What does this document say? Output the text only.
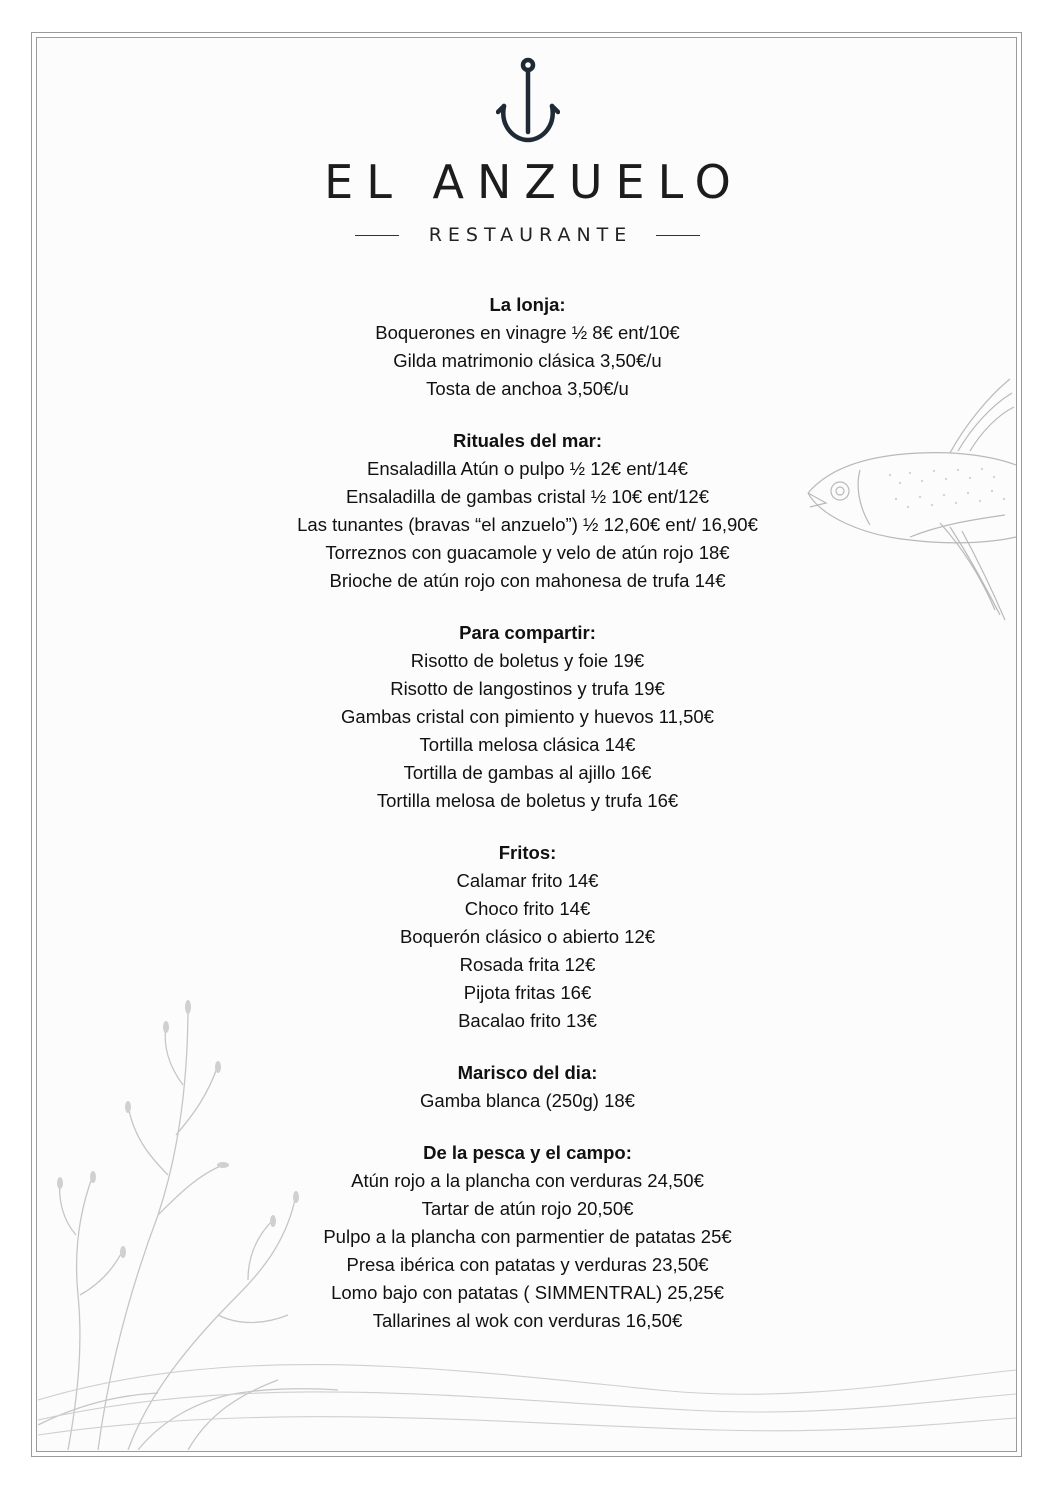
EL ANZUELO
RESTAURANTE
La lonja:
Boquerones en vinagre ½ 8€ ent/10€
Gilda matrimonio clásica 3,50€/u
Tosta de anchoa 3,50€/u
Rituales del mar:
Ensaladilla Atún o pulpo ½ 12€ ent/14€
Ensaladilla de gambas cristal ½ 10€ ent/12€
Las tunantes (bravas “el anzuelo”) ½ 12,60€ ent/ 16,90€
Torreznos con guacamole y velo de atún rojo 18€
Brioche de atún rojo con mahonesa de trufa 14€
Para compartir:
Risotto de boletus y foie 19€
Risotto de langostinos y trufa 19€
Gambas cristal con pimiento y huevos 11,50€
Tortilla melosa clásica 14€
Tortilla de gambas al ajillo 16€
Tortilla melosa de boletus y trufa 16€
Fritos:
Calamar frito 14€
Choco frito 14€
Boquerón clásico o abierto 12€
Rosada frita 12€
Pijota fritas 16€
Bacalao frito 13€
Marisco del dia:
Gamba blanca (250g) 18€
De la pesca y el campo:
Atún rojo a la plancha con verduras 24,50€
Tartar de atún rojo 20,50€
Pulpo a la plancha con parmentier de patatas 25€
Presa ibérica con patatas y verduras 23,50€
Lomo bajo con patatas ( SIMMENTRAL) 25,25€
Tallarines al wok con verduras 16,50€
